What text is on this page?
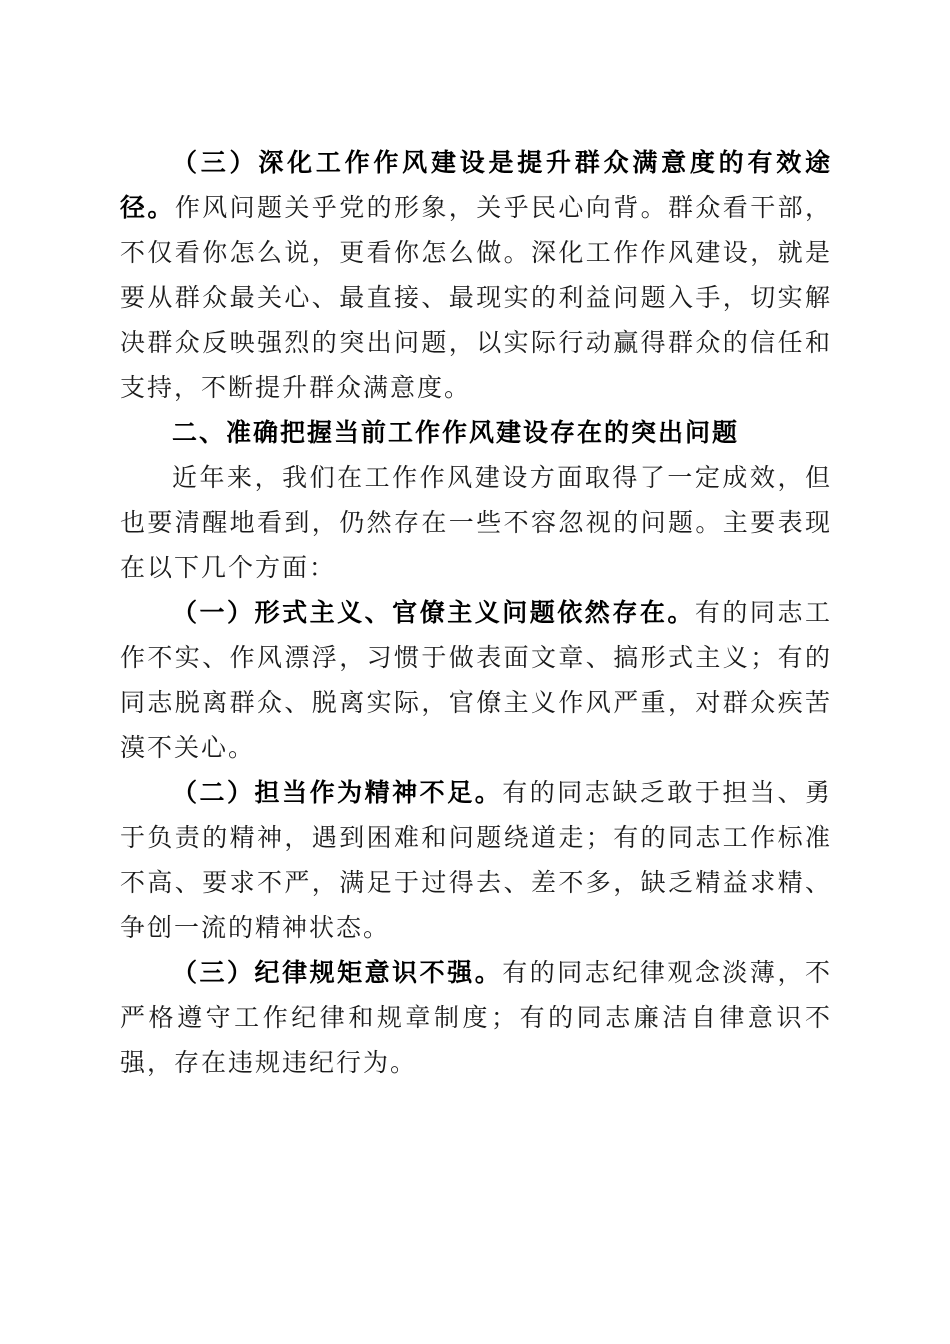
（三）深化工作作风建设是提升群众满意度的有效途径。作风问题关乎党的形象，关乎民心向背。群众看干部，不仅看你怎么说，更看你怎么做。深化工作作风建设，就是要从群众最关心、最直接、最现实的利益问题入手，切实解决群众反映强烈的突出问题，以实际行动赢得群众的信任和支持，不断提升群众满意度。

二、准确把握当前工作作风建设存在的突出问题

近年来，我们在工作作风建设方面取得了一定成效，但也要清醒地看到，仍然存在一些不容忽视的问题。主要表现在以下几个方面：

（一）形式主义、官僚主义问题依然存在。有的同志工作不实、作风漂浮，习惯于做表面文章、搞形式主义；有的同志脱离群众、脱离实际，官僚主义作风严重，对群众疾苦漠不关心。

（二）担当作为精神不足。有的同志缺乏敢于担当、勇于负责的精神，遇到困难和问题绕道走；有的同志工作标准不高、要求不严，满足于过得去、差不多，缺乏精益求精、争创一流的精神状态。

（三）纪律规矩意识不强。有的同志纪律观念淡薄，不严格遵守工作纪律和规章制度；有的同志廉洁自律意识不强，存在违规违纪行为。
